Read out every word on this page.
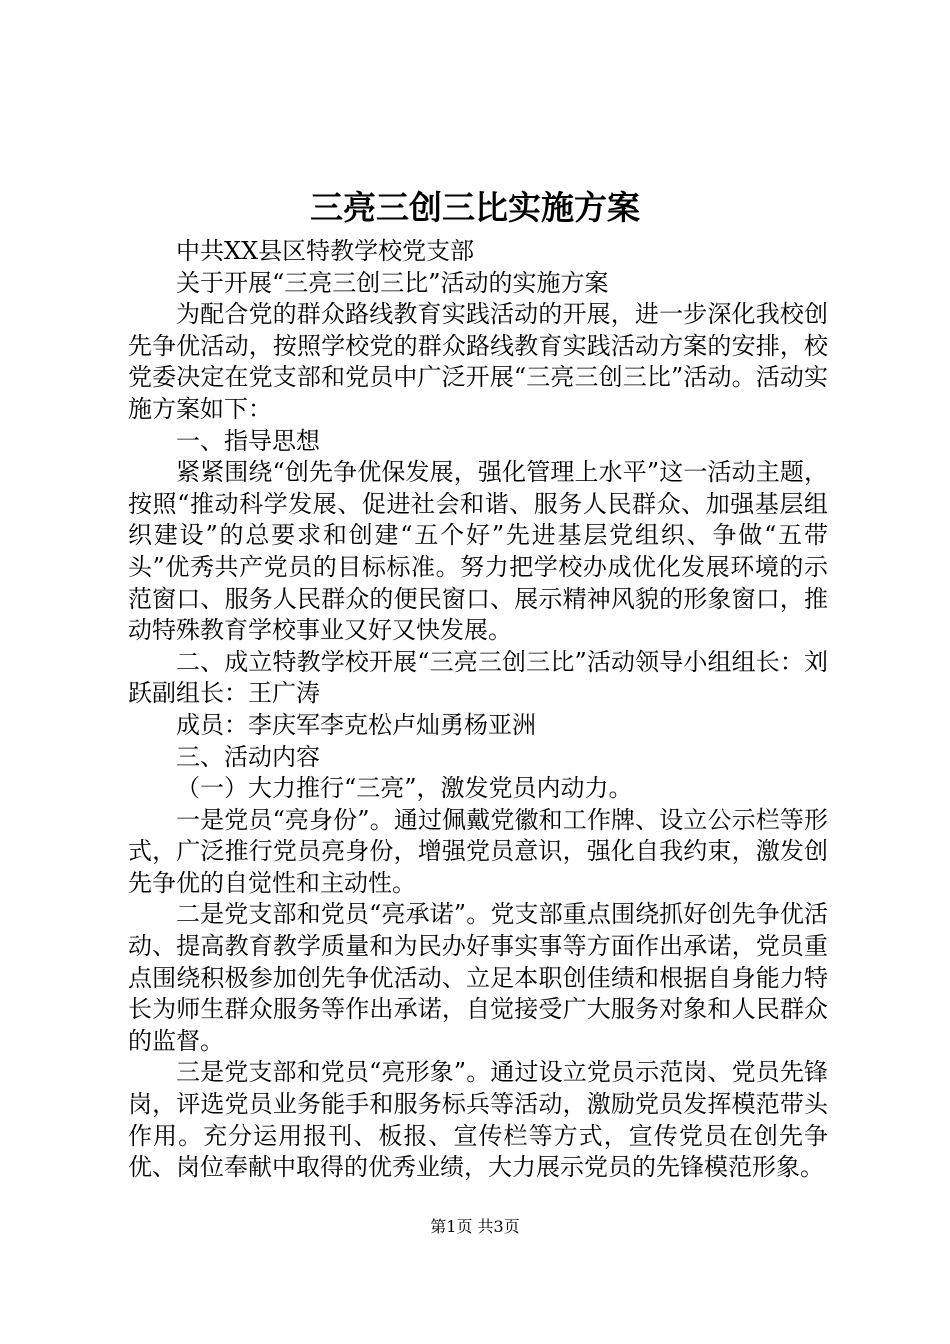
三亮三创三比实施方案

中共XX县区特教学校党支部

关于开展“三亮三创三比”活动的实施方案

为配合党的群众路线教育实践活动的开展，进一步深化我校创先争优活动，按照学校党的群众路线教育实践活动方案的安排，校党委决定在党支部和党员中广泛开展“三亮三创三比”活动。活动实施方案如下：

一、指导思想

紧紧围绕“创先争优保发展，强化管理上水平”这一活动主题，按照“推动科学发展、促进社会和谐、服务人民群众、加强基层组织建设”的总要求和创建“五个好”先进基层党组织、争做“五带头”优秀共产党员的目标标准。努力把学校办成优化发展环境的示范窗口、服务人民群众的便民窗口、展示精神风貌的形象窗口，推动特殊教育学校事业又好又快发展。

二、成立特教学校开展“三亮三创三比”活动领导小组组长：刘跃副组长：王广涛

成员：李庆军李克松卢灿勇杨亚洲

三、活动内容

（一）大力推行“三亮”，激发党员内动力。

一是党员“亮身份”。通过佩戴党徽和工作牌、设立公示栏等形式，广泛推行党员亮身份，增强党员意识，强化自我约束，激发创先争优的自觉性和主动性。

二是党支部和党员“亮承诺”。党支部重点围绕抓好创先争优活动、提高教育教学质量和为民办好事实事等方面作出承诺，党员重点围绕积极参加创先争优活动、立足本职创佳绩和根据自身能力特长为师生群众服务等作出承诺，自觉接受广大服务对象和人民群众的监督。

三是党支部和党员“亮形象”。通过设立党员示范岗、党员先锋岗，评选党员业务能手和服务标兵等活动，激励党员发挥模范带头作用。充分运用报刊、板报、宣传栏等方式，宣传党员在创先争优、岗位奉献中取得的优秀业绩，大力展示党员的先锋模范形象。

第1页 共3页
